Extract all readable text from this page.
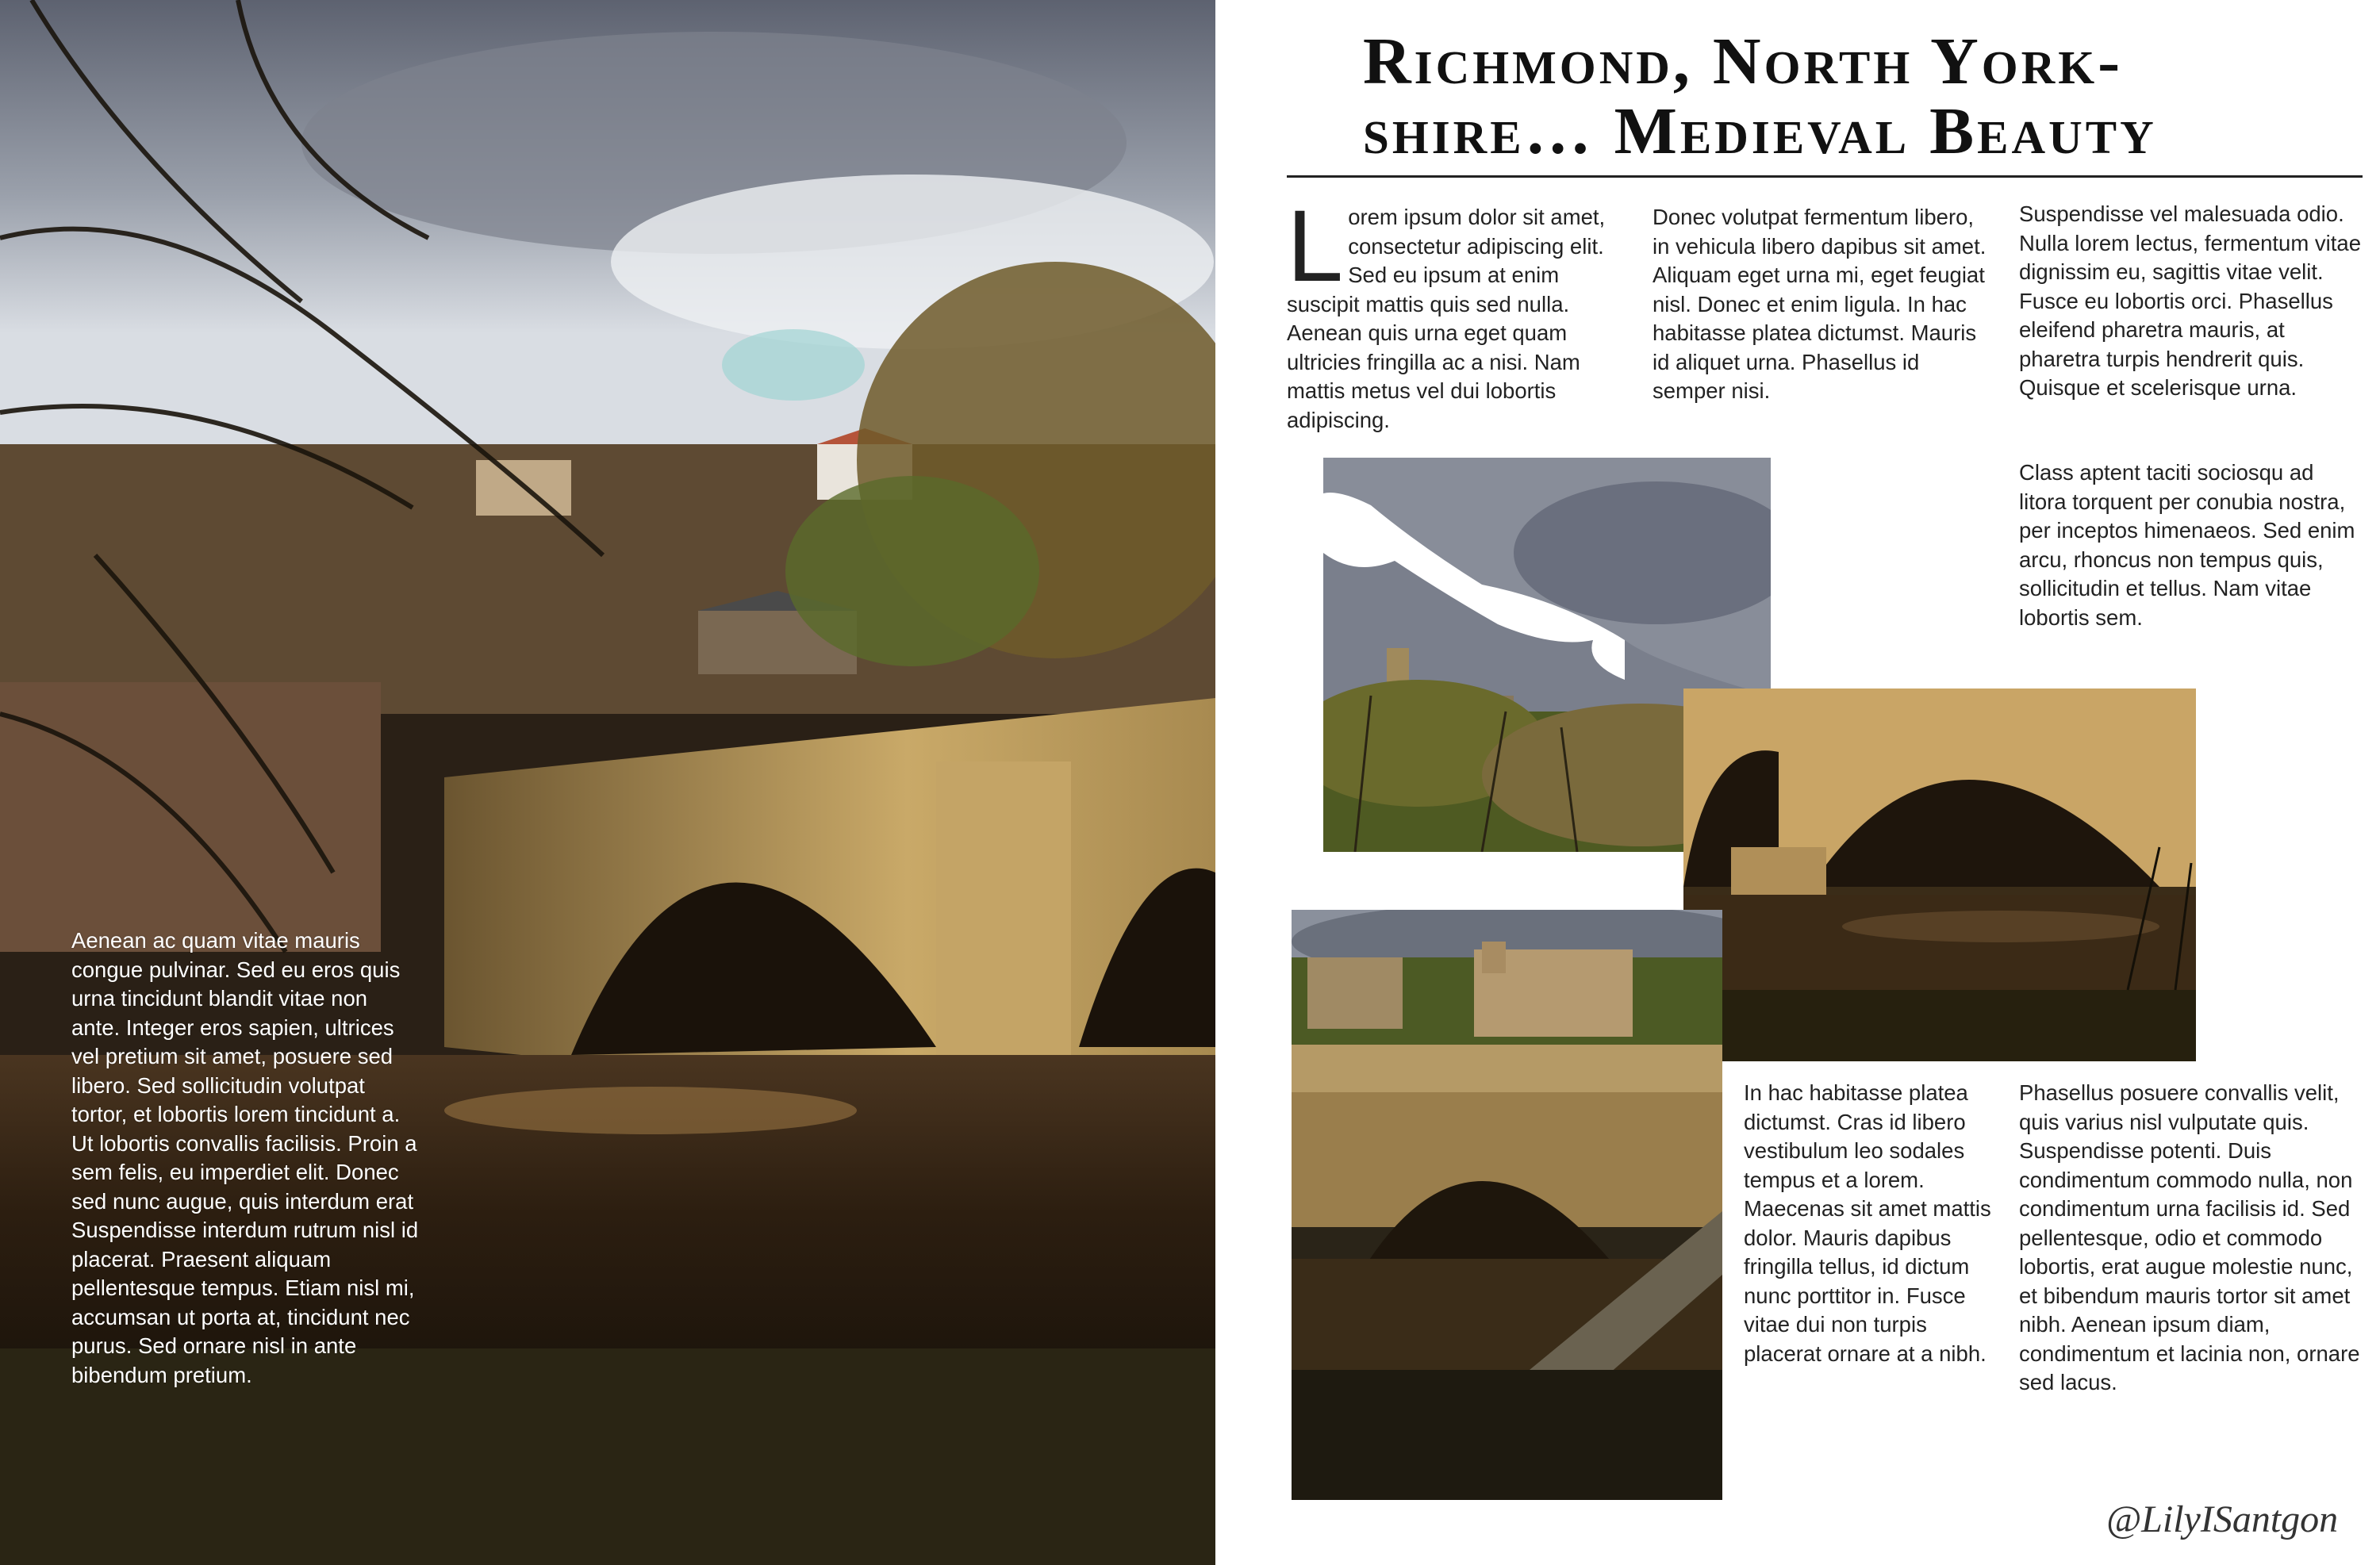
Aenean ac quam vitae mauris congue pulvinar. Sed eu eros quis urna tincidunt blandit vitae non ante. Integer eros sapien, ultrices vel pretium sit amet, posuere sed libero. Sed sollicitudin volutpat tortor, et lobortis lorem tincidunt a. Ut lobortis convallis facilisis. Proin a sem felis, eu imperdiet elit. Donec sed nunc augue, quis interdum erat

Suspendisse interdum rutrum nisl id placerat. Praesent aliquam pellentesque tempus. Etiam nisl mi, accumsan ut porta at, tincidunt nec purus. Sed ornare nisl in ante bibendum pretium.

Richmond, North York-
shire… Medieval Beauty
L orem ipsum dolor sit amet, consectetur adipiscing elit. Sed eu ipsum at enim suscipit mattis quis sed nulla. Aenean quis urna eget quam ultricies fringilla ac a nisi. Nam mattis metus vel dui lobortis adipiscing.

Donec volutpat fermentum libero, in vehicula libero dapibus sit amet. Aliquam eget urna mi, eget feugiat nisl. Donec et enim ligula. In hac habitasse platea dictumst. Mauris id aliquet urna. Phasellus id semper nisi.

Suspendisse vel malesuada odio. Nulla lorem lectus, fermentum vitae dignissim eu, sagittis vitae velit. Fusce eu lobortis orci. Phasellus eleifend pharetra mauris, at pharetra turpis hendrerit quis. Quisque et scelerisque urna.

Class aptent taciti sociosqu ad litora torquent per conubia nostra, per inceptos himenaeos. Sed enim arcu, rhoncus non tempus quis, sollicitudin et tellus. Nam vitae lobortis sem.

In hac habitasse platea dictumst. Cras id libero vestibulum leo sodales tempus et a lorem. Maecenas sit amet mattis dolor. Mauris dapibus fringilla tellus, id dictum nunc porttitor in. Fusce vitae dui non turpis placerat ornare at a nibh.

Phasellus posuere convallis velit, quis varius nisl vulputate quis. Suspendisse potenti. Duis condimentum commodo nulla, non condimentum urna facilisis id. Sed pellentesque, odio et commodo lobortis, erat augue molestie nunc, et bibendum mauris tortor sit amet nibh. Aenean ipsum diam, condimentum et lacinia non, ornare sed lacus.

@LilyISantgon
